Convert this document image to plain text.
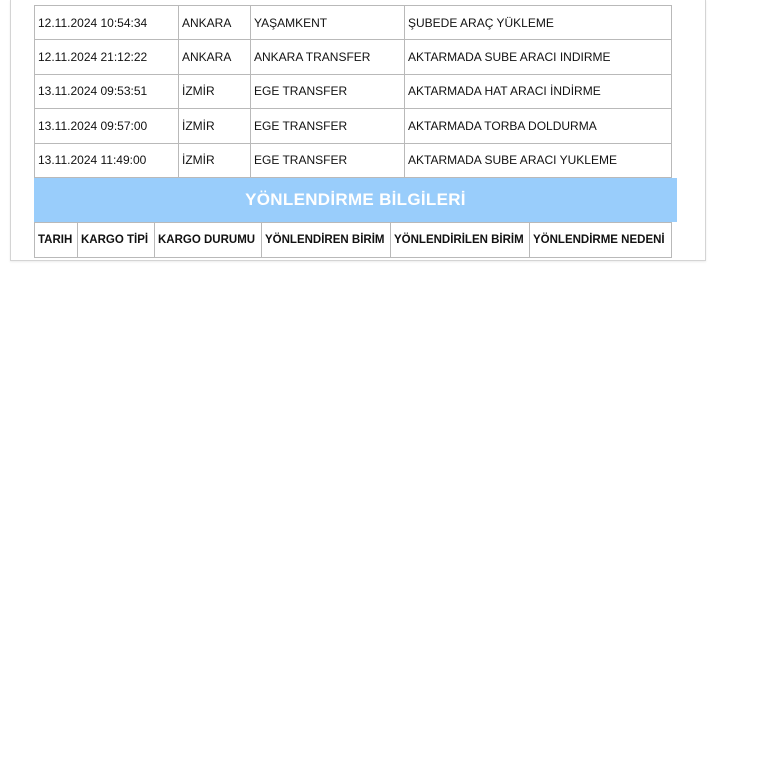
12.11.2024 10:54:34	ANKARA	YAŞAMKENT	ŞUBEDE ARAÇ YÜKLEME
12.11.2024 21:12:22	ANKARA	ANKARA TRANSFER	AKTARMADA SUBE ARACI INDIRME
13.11.2024 09:53:51	İZMİR	EGE TRANSFER	AKTARMADA HAT ARACI İNDİRME
13.11.2024 09:57:00	İZMİR	EGE TRANSFER	AKTARMADA TORBA DOLDURMA
13.11.2024 11:49:00	İZMİR	EGE TRANSFER	AKTARMADA SUBE ARACI YUKLEME
YÖNLENDİRME BİLGİLERİ
TARIH	KARGO TİPİ	KARGO DURUMU	YÖNLENDİREN BİRİM	YÖNLENDİRİLEN BİRİM	YÖNLENDİRME NEDENİ
